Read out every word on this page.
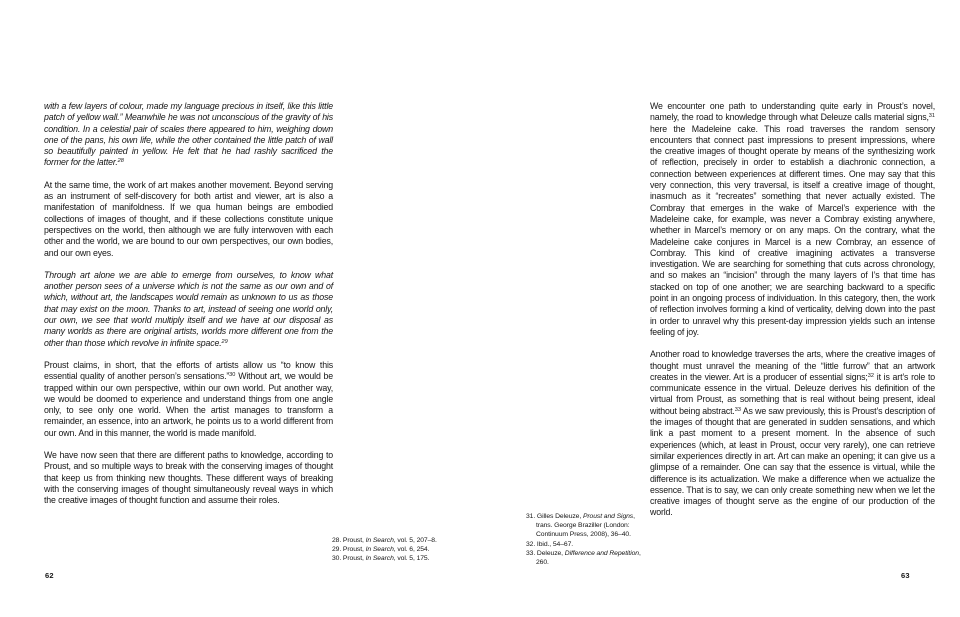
with a few layers of colour, made my language precious in itself, like this little patch of yellow wall.” Meanwhile he was not unconscious of the gravity of his condition. In a celestial pair of scales there appeared to him, weighing down one of the pans, his own life, while the other contained the little patch of wall so beautifully painted in yellow. He felt that he had rashly sacrificed the former for the latter.$^{28}$

At the same time, the work of art makes another movement. Beyond serving as an instrument of self-discovery for both artist and viewer, art is also a manifestation of manifoldness. If we qua human beings are embodied collections of images of thought, and if these collections constitute unique perspectives on the world, then although we are fully interwoven with each other and the world, we are bound to our own perspectives, our own bodies, and our own eyes.

Through art alone we are able to emerge from ourselves, to know what another person sees of a universe which is not the same as our own and of which, without art, the landscapes would remain as unknown to us as those that may exist on the moon. Thanks to art, instead of seeing one world only, our own, we see that world multiply itself and we have at our disposal as many worlds as there are original artists, worlds more different one from the other than those which revolve in infinite space.$^{29}$

Proust claims, in short, that the efforts of artists allow us “to know this essential quality of another person’s sensations.”$^{30}$ Without art, we would be trapped within our own perspective, within our own world. Put another way, we would be doomed to experience and understand things from one angle only, to see only one world. When the artist manages to transform a remainder, an essence, into an artwork, he points us to a world different from our own. And in this manner, the world is made manifold.

We have now seen that there are different paths to knowledge, according to Proust, and so multiple ways to break with the conserving images of thought that keep us from thinking new thoughts. These different ways of breaking with the conserving images of thought simultaneously reveal ways in which the creative images of thought function and assume their roles.

28. Proust, In Search, vol. 5, 207–8.

29. Proust, In Search, vol. 6, 254.

30. Proust, In Search, vol. 5, 175.

62

We encounter one path to understanding quite early in Proust’s novel, namely, the road to knowledge through what Deleuze calls material signs,$^{31}$ here the Madeleine cake. This road traverses the random sensory encounters that connect past impressions to present impressions, where the creative images of thought operate by means of the synthesizing work of reflection, precisely in order to establish a diachronic connection, a connection between experiences at different times. One may say that this very connection, this very traversal, is itself a creative image of thought, inasmuch as it “recreates” something that never actually existed. The Combray that emerges in the wake of Marcel’s experience with the Madeleine cake, for example, was never a Combray existing anywhere, whether in Marcel’s memory or on any maps. On the contrary, what the Madeleine cake conjures in Marcel is a new Combray, an essence of Combray. This kind of creative imagining activates a transverse investigation. We are searching for something that cuts across chronology, and so makes an “incision” through the many layers of I’s that time has stacked on top of one another; we are searching backward to a specific point in an ongoing process of individuation. In this category, then, the work of reflection involves forming a kind of verticality, delving down into the past in order to unravel why this present-day impression yields such an intense feeling of joy.

Another road to knowledge traverses the arts, where the creative images of thought must unravel the meaning of the “little furrow” that an artwork creates in the viewer. Art is a producer of essential signs;$^{32}$ it is art’s role to communicate essence in the virtual. Deleuze derives his definition of the virtual from Proust, as something that is real without being present, ideal without being abstract.$^{33}$ As we saw previously, this is Proust’s description of the images of thought that are generated in sudden sensations, and which link a past moment to a present moment. In the absence of such experiences (which, at least in Proust, occur very rarely), one can retrieve similar experiences directly in art. Art can make an opening; it can give us a glimpse of a remainder. One can say that the essence is virtual, while the difference is its actualization. We make a difference when we actualize the essence. That is to say, we can only create something new when we let the creative images of thought serve as the engine of our production of the world.

31. Gilles Deleuze, Proust and Signs, trans. George Braziller (London: Continuum Press, 2008), 36–40.

32. Ibid., 54–67.

33. Deleuze, Difference and Repetition, 260.

63
